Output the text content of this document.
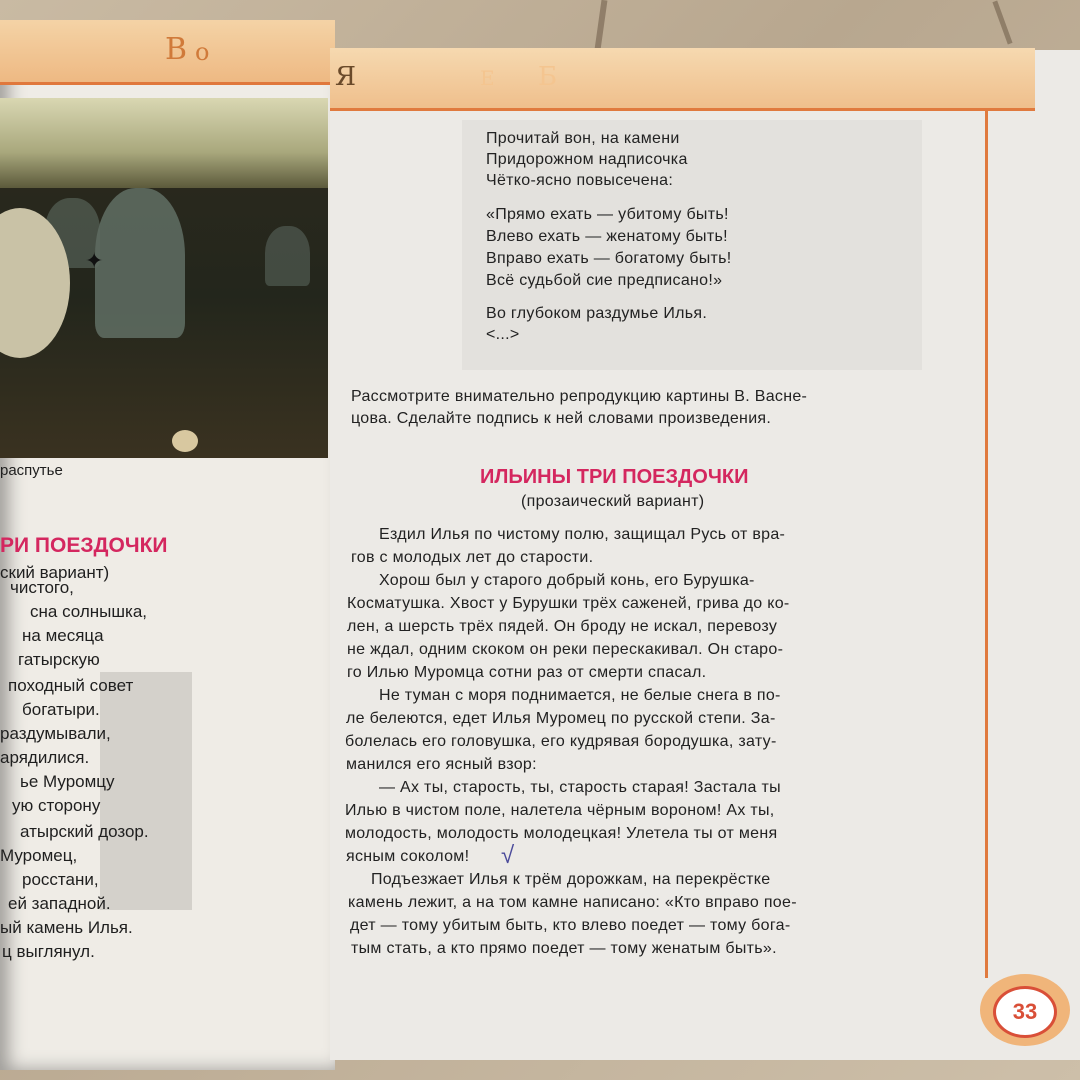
В о
✦
распутье
РИ ПОЕЗДОЧКИ
ский вариант)
чистого,
сна солнышка,
на месяца
гатырскую
походный совет
богатыри.
раздумывали,
арядилися.
ье Муромцу
ую сторону
атырский дозор.
Муромец,
росстани,
ей западной.
ый камень Илья.
ц выглянул.
Я	Б
Е
Прочитай вон, на камени
Придорожном надписочка
Чётко-ясно повысечена:
«Прямо ехать — убитому быть!
Влево ехать — женатому быть!
Вправо ехать — богатому быть!
Всё судьбой сие предписано!»
Во глубоком раздумье Илья.
<...>
Рассмотрите внимательно репродукцию картины В. Васне-
цова. Сделайте подпись к ней словами произведения.
ИЛЬИНЫ ТРИ ПОЕЗДОЧКИ
(прозаический вариант)
Ездил Илья по чистому полю, защищал Русь от вра-
гов с молодых лет до старости.
Хорош был у старого добрый конь, его Бурушка-
Косматушка. Хвост у Бурушки трёх саженей, грива до ко-
лен, а шерсть трёх пядей. Он броду не искал, перевозу
не ждал, одним скоком он реки перескакивал. Он старо-
го Илью Муромца сотни раз от смерти спасал.
Не туман с моря поднимается, не белые снега в по-
ле белеются, едет Илья Муромец по русской степи. За-
болелась его головушка, его кудрявая бородушка, зату-
манился его ясный взор:
— Ах ты, старость, ты, старость старая! Застала ты
Илью в чистом поле, налетела чёрным вороном! Ах ты,
молодость, молодость молодецкая! Улетела ты от меня
ясным соколом!
Подъезжает Илья к трём дорожкам, на перекрёстке
камень лежит, а на том камне написано: «Кто вправо пое-
дет — тому убитым быть, кто влево поедет — тому бога-
тым стать, а кто прямо поедет — тому женатым быть».
√
33
